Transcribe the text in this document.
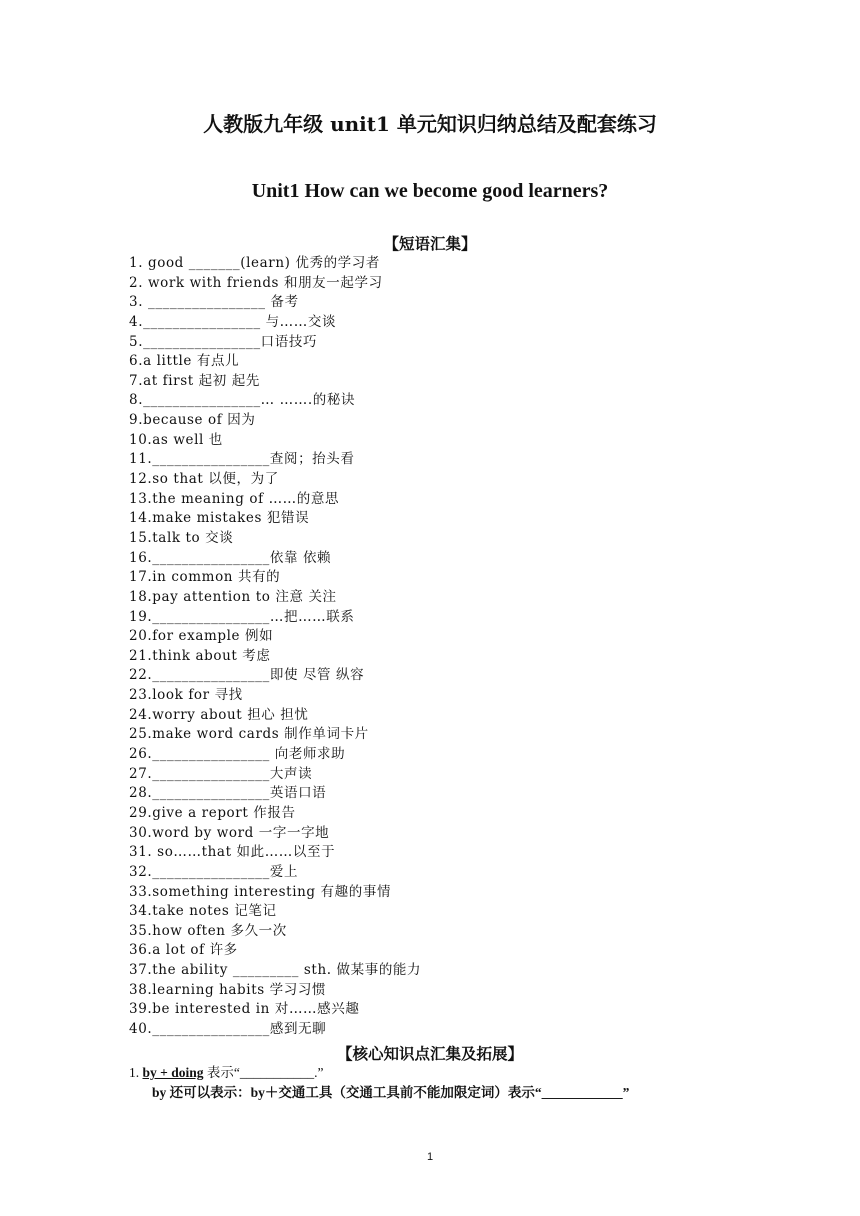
人教版九年级 unit1 单元知识归纳总结及配套练习
Unit1 How can we become good learners?
【短语汇集】
1. good _______(learn) 优秀的学习者
2. work with friends 和朋友一起学习
3. ________________ 备考
4.________________ 与……交谈
5.________________口语技巧
6.a little 有点儿
7.at first 起初 起先
8.________________… …….的秘诀
9.because of 因为
10.as well 也
11.________________查阅；抬头看
12.so that 以便，为了
13.the meaning of ……的意思
14.make mistakes 犯错误
15.talk to 交谈
16.________________依靠 依赖
17.in common 共有的
18.pay attention to 注意 关注
19.________________…把……联系
20.for example 例如
21.think about 考虑
22.________________即使 尽管 纵容
23.look for 寻找
24.worry about 担心 担忧
25.make word cards 制作单词卡片
26.________________ 向老师求助
27.________________大声读
28.________________英语口语
29.give a report 作报告
30.word by word 一字一字地
31. so……that 如此……以至于
32.________________爱上
33.something interesting 有趣的事情
34.take notes 记笔记
35.how often 多久一次
36.a lot of 许多
37.the ability _________ sth. 做某事的能力
38.learning habits 学习习惯
39.be interested in 对……感兴趣
40.________________感到无聊
【核心知识点汇集及拓展】
1. by + doing 表示“___________.”
by 还可以表示：by＋交通工具（交通工具前不能加限定词）表示“____________”
1
